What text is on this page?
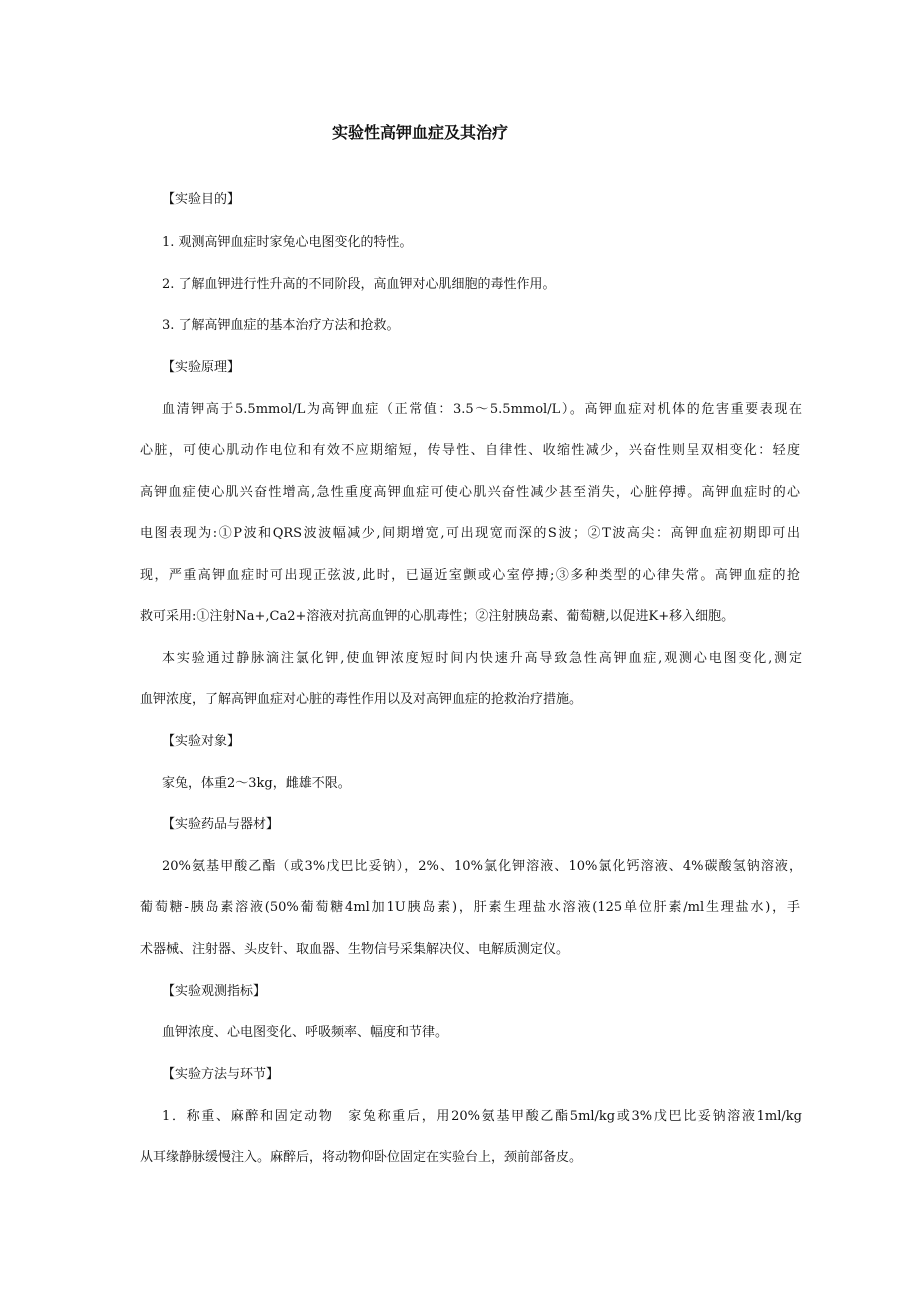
实验性高钾血症及其治疗
【实验目的】
1. 观测高钾血症时家兔心电图变化的特性。
2. 了解血钾进行性升高的不同阶段，高血钾对心肌细胞的毒性作用。
3. 了解高钾血症的基本治疗方法和抢救。
【实验原理】
血清钾高于5.5mmol/L为高钾血症（正常值：3.5～5.5mmol/L）。高钾血症对机体的危害重要表现在
心脏，可使心肌动作电位和有效不应期缩短，传导性、自律性、收缩性减少，兴奋性则呈双相变化：轻度
高钾血症使心肌兴奋性增高,急性重度高钾血症可使心肌兴奋性减少甚至消失，心脏停搏。高钾血症时的心
电图表现为:①P波和QRS波波幅减少,间期增宽,可出现宽而深的S波；②T波高尖：高钾血症初期即可出
现，严重高钾血症时可出现正弦波,此时，已逼近室颤或心室停搏;③多种类型的心律失常。高钾血症的抢
救可采用:①注射Na+,Ca2+溶液对抗高血钾的心肌毒性；②注射胰岛素、葡萄糖,以促进K+移入细胞。
本实验通过静脉滴注氯化钾,使血钾浓度短时间内快速升高导致急性高钾血症,观测心电图变化,测定
血钾浓度，了解高钾血症对心脏的毒性作用以及对高钾血症的抢救治疗措施。
【实验对象】
家兔，体重2～3kg，雌雄不限。
【实验药品与器材】
20%氨基甲酸乙酯（或3%戊巴比妥钠），2%、10%氯化钾溶液、10%氯化钙溶液、4%碳酸氢钠溶液，
葡萄糖-胰岛素溶液(50%葡萄糖4ml加1U胰岛素)，肝素生理盐水溶液(125单位肝素/ml生理盐水)，手
术器械、注射器、头皮针、取血器、生物信号采集解决仪、电解质测定仪。
【实验观测指标】
血钾浓度、心电图变化、呼吸频率、幅度和节律。
【实验方法与环节】
1．称重、麻醉和固定动物　家兔称重后，用20%氨基甲酸乙酯5ml/kg或3%戊巴比妥钠溶液1ml/kg
从耳缘静脉缓慢注入。麻醉后，将动物仰卧位固定在实验台上，颈前部备皮。
